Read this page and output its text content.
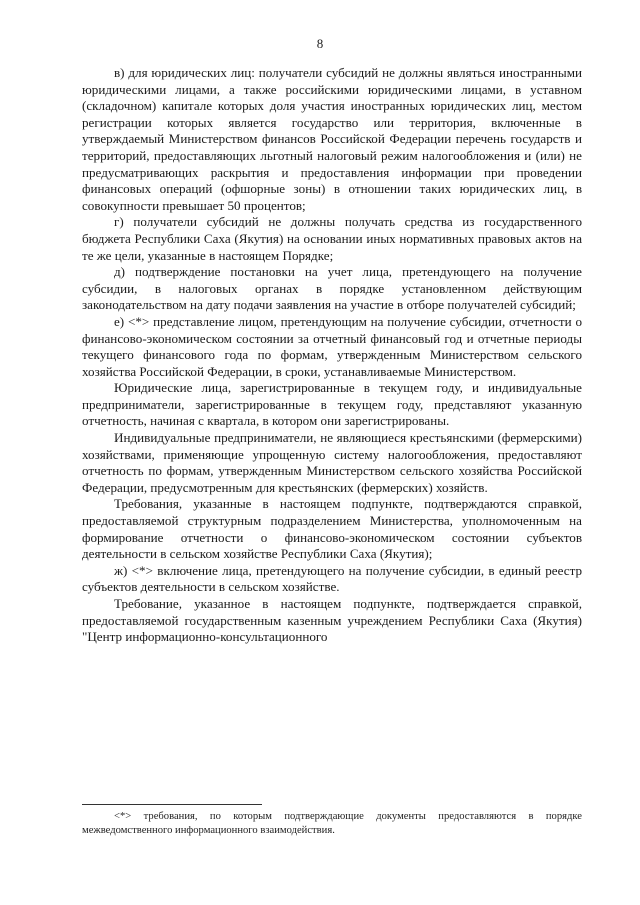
8

в) для юридических лиц: получатели субсидий не должны являться иностранными юридическими лицами, а также российскими юридическими лицами, в уставном (складочном) капитале которых доля участия иностранных юридических лиц, местом регистрации которых является государство или территория, включенные в утверждаемый Министерством финансов Российской Федерации перечень государств и территорий, предоставляющих льготный налоговый режим налогообложения и (или) не предусматривающих раскрытия и предоставления информации при проведении финансовых операций (офшорные зоны) в отношении таких юридических лиц, в совокупности превышает 50 процентов;

г) получатели субсидий не должны получать средства из государственного бюджета Республики Саха (Якутия) на основании иных нормативных правовых актов на те же цели, указанные в настоящем Порядке;

д) подтверждение постановки на учет лица, претендующего на получение субсидии, в налоговых органах в порядке установленном действующим законодательством на дату подачи заявления на участие в отборе получателей субсидий;

е) <*> представление лицом, претендующим на получение субсидии, отчетности о финансово-экономическом состоянии за отчетный финансовый год и отчетные периоды текущего финансового года по формам, утвержденным Министерством сельского хозяйства Российской Федерации, в сроки, устанавливаемые Министерством.

Юридические лица, зарегистрированные в текущем году, и индивидуальные предприниматели, зарегистрированные в текущем году, представляют указанную отчетность, начиная с квартала, в котором они зарегистрированы.

Индивидуальные предприниматели, не являющиеся крестьянскими (фермерскими) хозяйствами, применяющие упрощенную систему налогообложения, предоставляют отчетность по формам, утвержденным Министерством сельского хозяйства Российской Федерации, предусмотренным для крестьянских (фермерских) хозяйств.

Требования, указанные в настоящем подпункте, подтверждаются справкой, предоставляемой структурным подразделением Министерства, уполномоченным на формирование отчетности о финансово-экономическом состоянии субъектов деятельности в сельском хозяйстве Республики Саха (Якутия);

ж) <*> включение лица, претендующего на получение субсидии, в единый реестр субъектов деятельности в сельском хозяйстве.

Требование, указанное в настоящем подпункте, подтверждается справкой, предоставляемой государственным казенным учреждением Республики Саха (Якутия) "Центр информационно-консультационного

<*> требования, по которым подтверждающие документы предоставляются в порядке межведомственного информационного взаимодействия.
